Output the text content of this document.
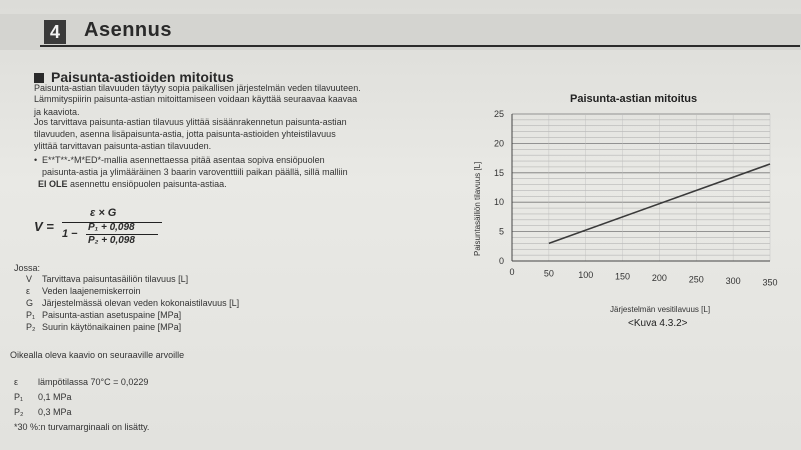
4	Asennus
Paisunta-astioiden mitoitus
Paisunta-astian tilavuuden täytyy sopia paikallisen järjestelmän veden tilavuuteen.
Lämmityspiirin paisunta-astian mitoittamiseen voidaan käyttää seuraavaa kaavaa
ja kaaviota.
Jos tarvittava paisunta-astian tilavuus ylittää sisäänrakennetun paisunta-astian
tilavuuden, asenna lisäpaisunta-astia, jotta paisunta-astioiden yhteistilavuus
ylittää tarvittavan paisunta-astian tilavuuden.
• E**T**-*M*ED*-mallia asennettaessa pitää asentaa sopiva ensiöpuolen
paisunta-astia ja ylimääräinen 3 baarin varoventtiili paikan päällä, sillä malliin
EI OLE asennettu ensiöpuolen paisunta-astiaa.
V =
ε × G
1 −
P₁ + 0,098
P₂ + 0,098
Jossa:
V Tarvittava paisuntasäiliön tilavuus [L]
ε Veden laajenemiskerroin
G Järjestelmässä olevan veden kokonaistilavuus [L]
P₁ Paisunta-astian asetuspaine [MPa]
P₂ Suurin käytönaikainen paine [MPa]
Oikealla oleva kaavio on seuraaville arvoille
ε lämpötilassa 70°C = 0,0229
P₁ 0,1 MPa
P₂ 0,3 MPa
*30 %:n turvamarginaali on lisätty.
Paisunta-astian mitoitus
0
5
10
15
20
25
0	50	100 150 200 250 300 350
Paisuntasäiliön tilavuus [L]
Järjestelmän vesitilavuus [L]
<Kuva 4.3.2>
